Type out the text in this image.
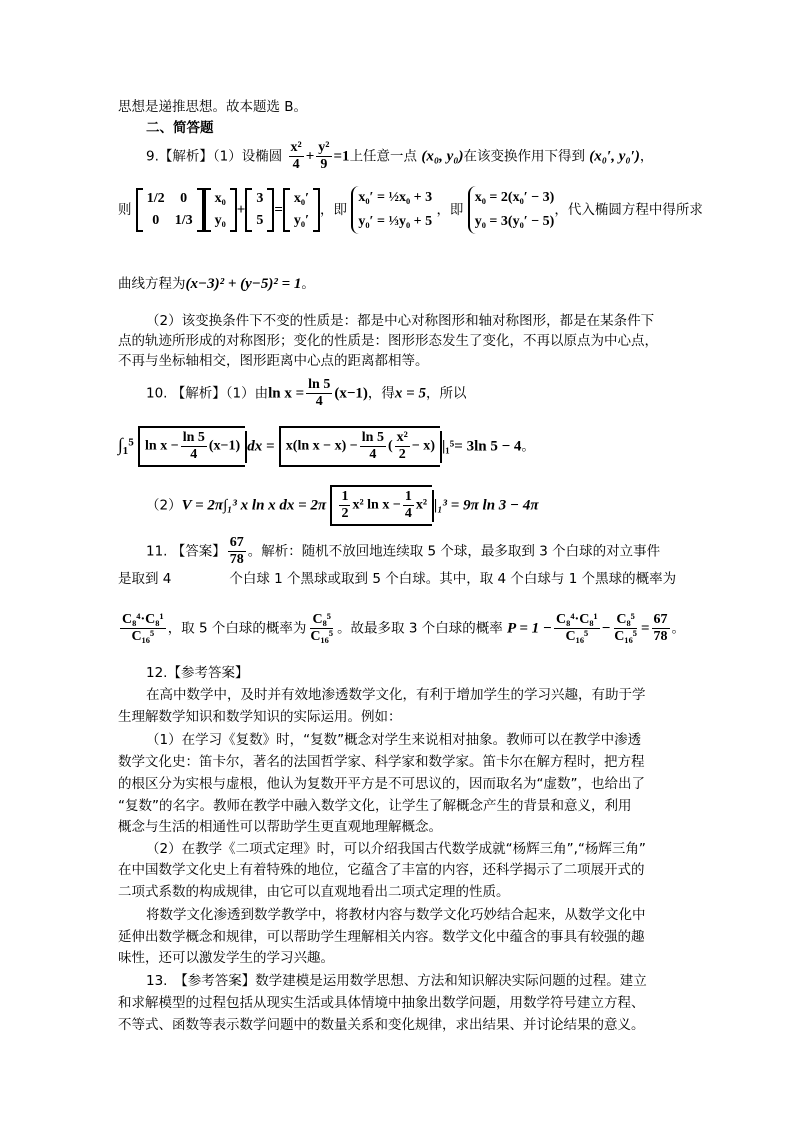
思想是递推思想。故本题选 B。
二、简答题
9.【解析】（1）设椭圆 $\frac{\text{x²}}{4} + \frac{\text{y²}}{9} =1$上任意一点 (x₀, y₀)在该变换作用下得到 (x₀′, y₀′)，
则
1/2	0
0	1/3
x₀
y₀
+
3
5
=
x₀′
y₀′
，即
x₀′ = ½x₀ + 3
y₀′ = ⅓y₀ + 5
，即
x₀ = 2(x₀′ − 3)
y₀ = 3(y₀′ − 5)
，代入椭圆方程中得所求
曲线方程为(x−3)² + (y−5)² = 1。
（2）该变换条件下不变的性质是：都是中心对称图形和轴对称图形，都是在某条件下
点的轨迹所形成的对称图形；变化的性质是：图形形态发生了变化，不再以原点为中心点，
不再与坐标轴相交，图形距离中心点的距离都相等。
10. 【解析】（1）由$\ln x = \frac{\ln 5}{4} (x-1)$，得x = 5，所以
∫₁⁵ $\ln x - \frac{\ln 5}{4} (x-1)$ dx = x(ln $x - x) - \frac{\ln 5}{4}$ ( $\frac{\text{x²}}{2} - x$) |₁⁵= 3ln 5 − 4。
（2）V = 2π∫₁³ x ln x dx = $2\pi \frac{1}{2} x^2$ $\ln x - \frac{1}{4} x^2$ |₁³ = 9π ln 3 − 4π
11. 【答案】 $\frac{67}{78}$ 。解析：随机不放回地连续取 5 个球，最多取到 3 个白球的对立事件
是取到 4	个白球 1 个黑球或取到 5 个白球。其中，取 4 个白球与 1 个黑球的概率为
$\frac{\text{C₈⁴·C₈¹}}{\text{C₁₆⁵}}$ ，取 5 个白球的概率为 $\frac{\text{C₈⁵}}{\text{C₁₆⁵}}$ 。故最多取 3 个白球的概率 $P = 1 - \frac{\text{C₈⁴·C₈¹}}{\text{C₁₆⁵}} - \frac{\text{C₈⁵}}{\text{C₁₆⁵}} = \frac{67}{78}$ 。
12.【参考答案】
在高中数学中，及时并有效地渗透数学文化，有利于增加学生的学习兴趣，有助于学
生理解数学知识和数学知识的实际运用。例如：
（1）在学习《复数》时，“复数”概念对学生来说相对抽象。教师可以在教学中渗透
数学文化史：笛卡尔，著名的法国哲学家、科学家和数学家。笛卡尔在解方程时，把方程
的根区分为实根与虚根，他认为复数开平方是不可思议的，因而取名为“虚数”，也给出了
“复数”的名字。教师在教学中融入数学文化，让学生了解概念产生的背景和意义，利用
概念与生活的相通性可以帮助学生更直观地理解概念。
（2）在教学《二项式定理》时，可以介绍我国古代数学成就“杨辉三角”,“杨辉三角”
在中国数学文化史上有着特殊的地位，它蕴含了丰富的内容，还科学揭示了二项展开式的
二项式系数的构成规律，由它可以直观地看出二项式定理的性质。
将数学文化渗透到数学教学中，将教材内容与数学文化巧妙结合起来，从数学文化中
延伸出数学概念和规律，可以帮助学生理解相关内容。数学文化中蕴含的事具有较强的趣
味性，还可以激发学生的学习兴趣。
13.　【参考答案】数学建模是运用数学思想、方法和知识解决实际问题的过程。建立
和求解模型的过程包括从现实生活或具体情境中抽象出数学问题，用数学符号建立方程、
不等式、函数等表示数学问题中的数量关系和变化规律，求出结果、并讨论结果的意义。
